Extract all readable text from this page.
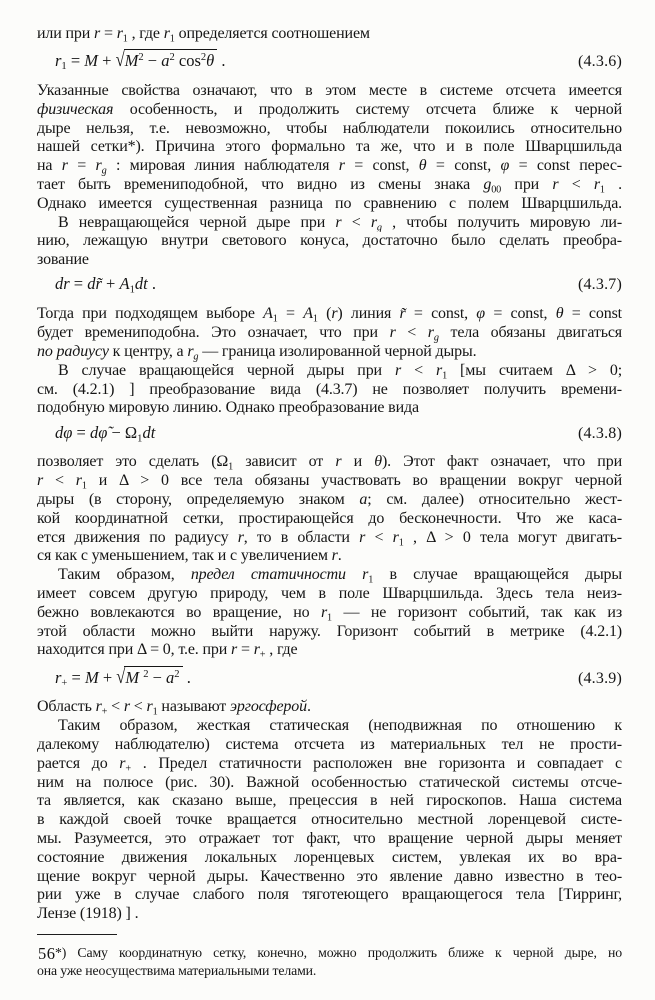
или при $r = r_1$ , где $r_1$ определяется соотношением

$r_1 = M + √M^2 - a^2$ $\cos^2\theta$ .	(4.3.6)

Указанные свойства означают, что в этом месте в системе отсчета имеется

физическая особенность, и продолжить систему отсчета ближе к черной

дыре нельзя, т.е. невозможно, чтобы наблюдатели покоились относительно

нашей сетки*). Причина этого формально та же, что и в поле Шварцшильда

на $r = r_g$ : мировая линия наблюдателя r = const, θ = const, φ = const перес-

тает быть времениподобной, что видно из смены знака $g_{00}$ при $r < r_1$ .

Однако имеется существенная разница по сравнению с полем Шварцшильда.

В невращающейся черной дыре при $r < r_g$ , чтобы получить мировую ли-

нию, лежащую внутри светового конуса, достаточно было сделать преобра-

зование

dr = dr̃ + $A_1dt$ .	(4.3.7)

Тогда при подходящем выборе $A_1 = A_1$ (r) линия r̃ = const, φ = const, θ = const

будет времениподобна. Это означает, что при $r < r_g$ тела обязаны двигаться

по радиусу к центру, а $r_g$ — граница изолированной черной дыры.

В случае вращающейся черной дыры при $r < r_1$ [мы считаем Δ > 0;

см. (4.2.1) ] преобразование вида (4.3.7) не позволяет получить времени-

подобную мировую линию. Однако преобразование вида

dφ = dφ̃ − $\Omega_1dt$	(4.3.8)

позволяет это сделать ($\Omega_1$ зависит от r и θ). Этот факт означает, что при

$r < r_1$ и Δ > 0 все тела обязаны участвовать во вращении вокруг черной

дыры (в сторону, определяемую знаком a; см. далее) относительно жест-

кой координатной сетки, простирающейся до бесконечности. Что же каса-

ется движения по радиусу r, то в области $r < r_1$ , Δ > 0 тела могут двигать-

ся как с уменьшением, так и с увеличением r.

Таким образом, предел статичности $r_1$ в случае вращающейся дыры

имеет совсем другую природу, чем в поле Шварцшильда. Здесь тела неиз-

бежно вовлекаются во вращение, но $r_1$ — не горизонт событий, так как из

этой области можно выйти наружу. Горизонт событий в метрике (4.2.1)

находится при Δ = 0, т.е. при $r = r_+$ , где

$r_+ = M + √M$ $^2 - a^2$ .	(4.3.9)

Область $r_+ < r < r_1$ называют эргосферой.

Таким образом, жесткая статическая (неподвижная по отношению к

далекому наблюдателю) система отсчета из материальных тел не прости-

рается до $r_+$ . Предел статичности расположен вне горизонта и совпадает с

ним на полюсе (рис. 30). Важной особенностью статической системы отсче-

та является, как сказано выше, прецессия в ней гироскопов. Наша система

в каждой своей точке вращается относительно местной лоренцевой систе-

мы. Разумеется, это отражает тот факт, что вращение черной дыры меняет

состояние движения локальных лоренцевых систем, увлекая их во вра-

щение вокруг черной дыры. Качественно это явление давно известно в тео-

рии уже в случае слабого поля тяготеющего вращающегося тела [Тирринг,

Лензе (1918) ] .

*) Саму координатную сетку, конечно, можно продолжить ближе к черной дыре, но

она уже неосуществима материальными телами.

56
